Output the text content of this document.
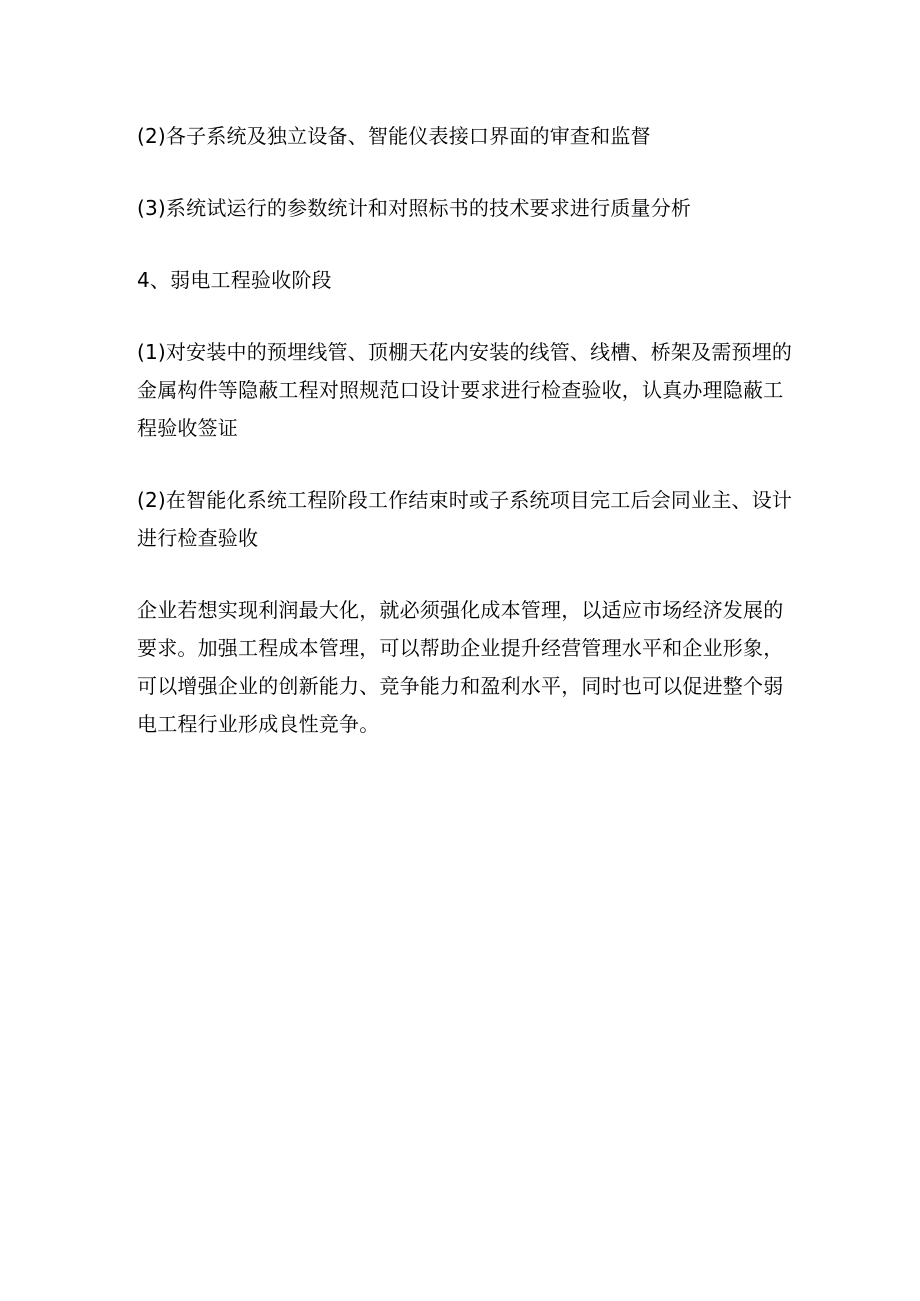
(2)各子系统及独立设备、智能仪表接口界面的审查和监督

(3)系统试运行的参数统计和对照标书的技术要求进行质量分析

4、弱电工程验收阶段

(1)对安装中的预埋线管、顶棚天花内安装的线管、线槽、桥架及需预埋的
金属构件等隐蔽工程对照规范口设计要求进行检查验收，认真办理隐蔽工
程验收签证

(2)在智能化系统工程阶段工作结束时或子系统项目完工后会同业主、设计
进行检查验收

企业若想实现利润最大化，就必须强化成本管理，以适应市场经济发展的
要求。加强工程成本管理，可以帮助企业提升经营管理水平和企业形象，
可以增强企业的创新能力、竞争能力和盈利水平，同时也可以促进整个弱
电工程行业形成良性竞争。
